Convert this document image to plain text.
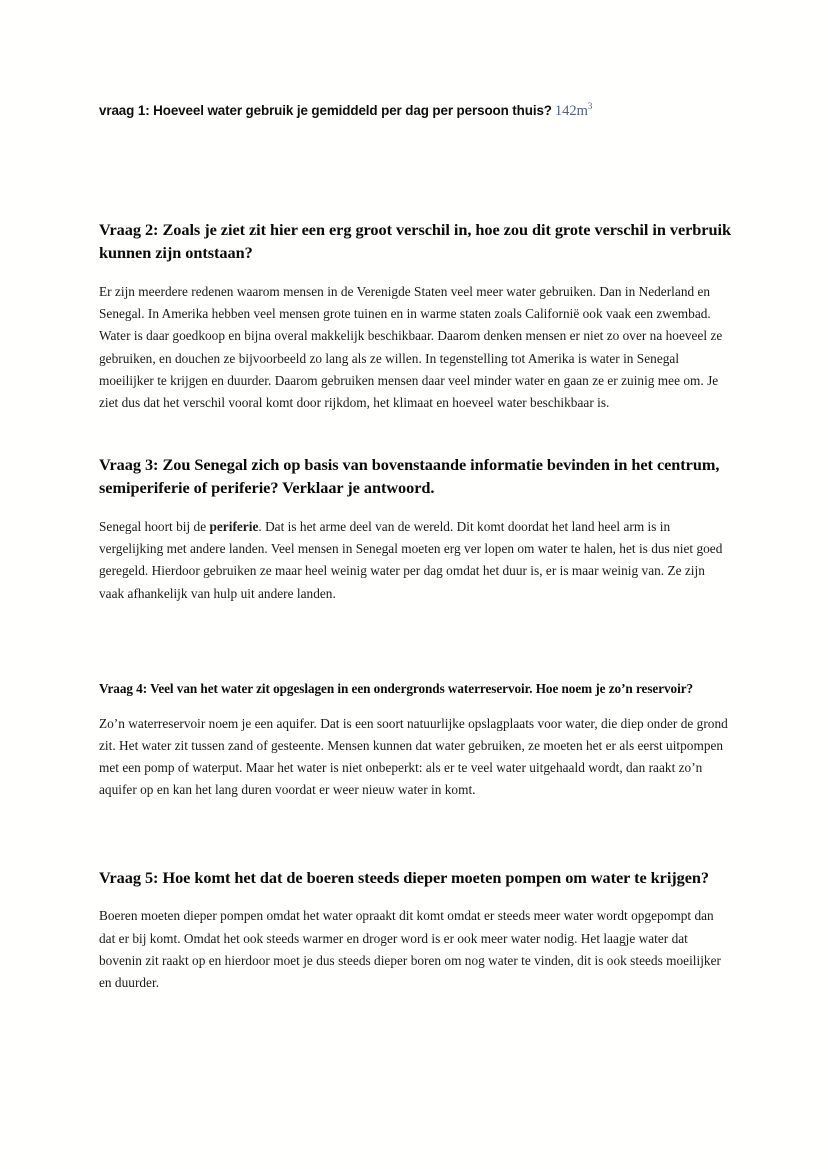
vraag 1: Hoeveel water gebruik je gemiddeld per dag per persoon thuis? $142m^3$
Vraag 2: Zoals je ziet zit hier een erg groot verschil in, hoe zou dit grote verschil in verbruik kunnen zijn ontstaan?
Er zijn meerdere redenen waarom mensen in de Verenigde Staten veel meer water gebruiken. Dan in Nederland en Senegal. In Amerika hebben veel mensen grote tuinen en in warme staten zoals Californië ook vaak een zwembad. Water is daar goedkoop en bijna overal makkelijk beschikbaar. Daarom denken mensen er niet zo over na hoeveel ze gebruiken, en douchen ze bijvoorbeeld zo lang als ze willen. In tegenstelling tot Amerika is water in Senegal moeilijker te krijgen en duurder. Daarom gebruiken mensen daar veel minder water en gaan ze er zuinig mee om. Je ziet dus dat het verschil vooral komt door rijkdom, het klimaat en hoeveel water beschikbaar is.
Vraag 3: Zou Senegal zich op basis van bovenstaande informatie bevinden in het centrum, semiperiferie of periferie? Verklaar je antwoord.
Senegal hoort bij de periferie. Dat is het arme deel van de wereld. Dit komt doordat het land heel arm is in vergelijking met andere landen. Veel mensen in Senegal moeten erg ver lopen om water te halen, het is dus niet goed geregeld. Hierdoor gebruiken ze maar heel weinig water per dag omdat het duur is, er is maar weinig van. Ze zijn vaak afhankelijk van hulp uit andere landen.
Vraag 4: Veel van het water zit opgeslagen in een ondergronds waterreservoir. Hoe noem je zo’n reservoir?
Zo’n waterreservoir noem je een aquifer. Dat is een soort natuurlijke opslagplaats voor water, die diep onder de grond zit. Het water zit tussen zand of gesteente. Mensen kunnen dat water gebruiken, ze moeten het er als eerst uitpompen met een pomp of waterput. Maar het water is niet onbeperkt: als er te veel water uitgehaald wordt, dan raakt zo’n aquifer op en kan het lang duren voordat er weer nieuw water in komt.
Vraag 5: Hoe komt het dat de boeren steeds dieper moeten pompen om water te krijgen?
Boeren moeten dieper pompen omdat het water opraakt dit komt omdat er steeds meer water wordt opgepompt dan dat er bij komt. Omdat het ook steeds warmer en droger word is er ook meer water nodig. Het laagje water dat bovenin zit raakt op en hierdoor moet je dus steeds dieper boren om nog water te vinden, dit is ook steeds moeilijker en duurder.
